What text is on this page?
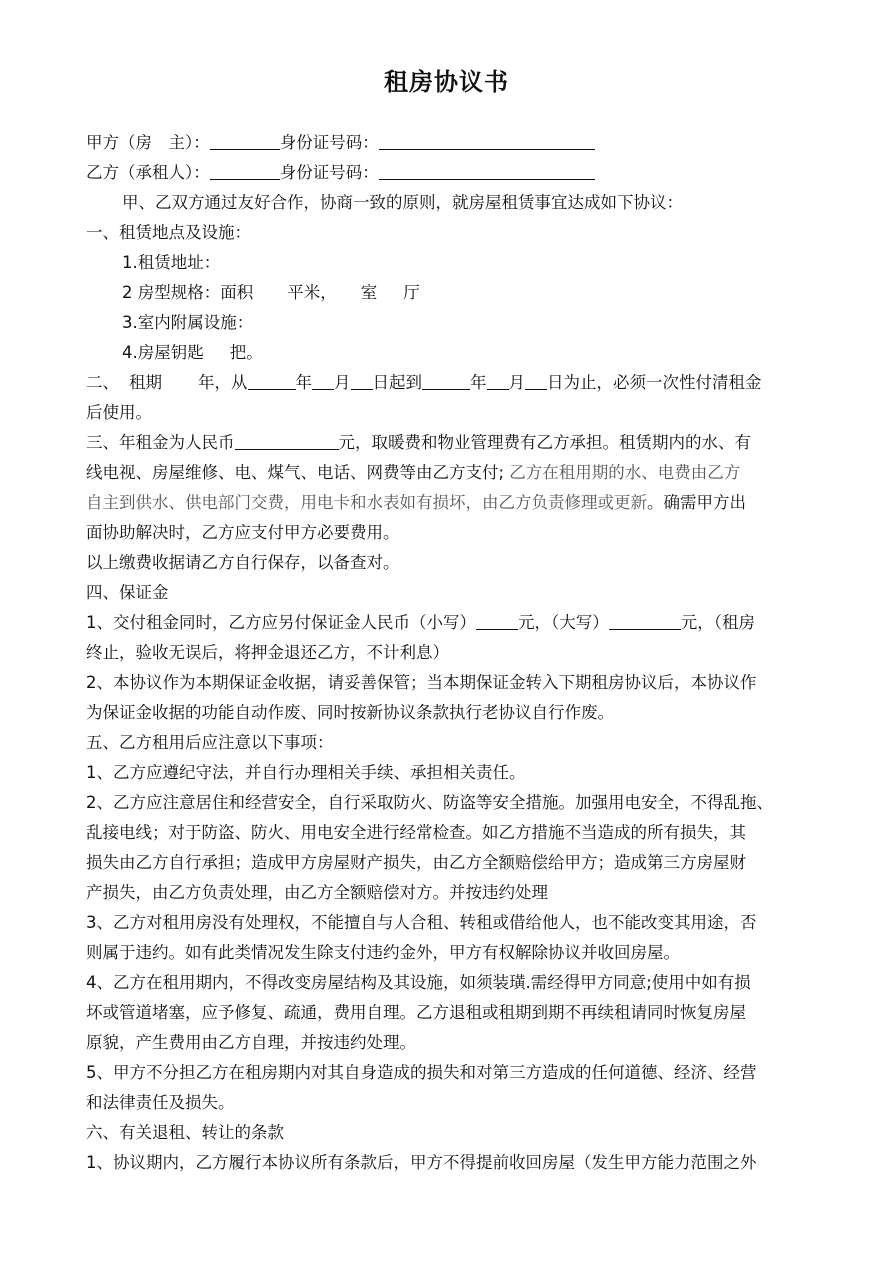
租房协议书
甲方（房　主）：	身份证号码：
乙方（承租人）：	身份证号码：
甲、乙双方通过友好合作，协商一致的原则，就房屋租赁事宜达成如下协议：
一、租赁地点及设施：
1.租赁地址：
2 房型规格：面积 平米， 室 厅
3.室内附属设施：
4.房屋钥匙 把。
二、 租期 年，从	年 月 日起到	年 月 日为止，必须一次性付清租金
后使用。
三、年租金为人民币	元，取暖费和物业管理费有乙方承担。租赁期内的水、有
线电视、房屋维修、电、煤气、电话、网费等由乙方支付; 乙方在租用期的水、电费由乙方
自主到供水、供电部门交费，用电卡和水表如有损坏，由乙方负责修理或更新。确需甲方出
面协助解决时，乙方应支付甲方必要费用。
以上缴费收据请乙方自行保存，以备查对。
四、保证金
1、交付租金同时，乙方应另付保证金人民币（小写）	元，（大写）	元，（租房
终止，验收无误后，将押金退还乙方，不计利息）
2、本协议作为本期保证金收据，请妥善保管；当本期保证金转入下期租房协议后，本协议作
为保证金收据的功能自动作废、同时按新协议条款执行老协议自行作废。
五、乙方租用后应注意以下事项：
1、乙方应遵纪守法，并自行办理相关手续、承担相关责任。
2、乙方应注意居住和经营安全，自行采取防火、防盗等安全措施。加强用电安全，不得乱拖、
乱接电线；对于防盗、防火、用电安全进行经常检查。如乙方措施不当造成的所有损失，其
损失由乙方自行承担；造成甲方房屋财产损失，由乙方全额赔偿给甲方；造成第三方房屋财
产损失，由乙方负责处理，由乙方全额赔偿对方。并按违约处理
3、乙方对租用房没有处理权，不能擅自与人合租、转租或借给他人，也不能改变其用途，否
则属于违约。如有此类情况发生除支付违约金外，甲方有权解除协议并收回房屋。
4、乙方在租用期内，不得改变房屋结构及其设施，如须装璜.需经得甲方同意;使用中如有损
坏或管道堵塞，应予修复、疏通，费用自理。乙方退租或租期到期不再续租请同时恢复房屋
原貌，产生费用由乙方自理，并按违约处理。
5、甲方不分担乙方在租房期内对其自身造成的损失和对第三方造成的任何道德、经济、经营
和法律责任及损失。
六、有关退租、转让的条款
1、协议期内，乙方履行本协议所有条款后，甲方不得提前收回房屋（发生甲方能力范围之外
